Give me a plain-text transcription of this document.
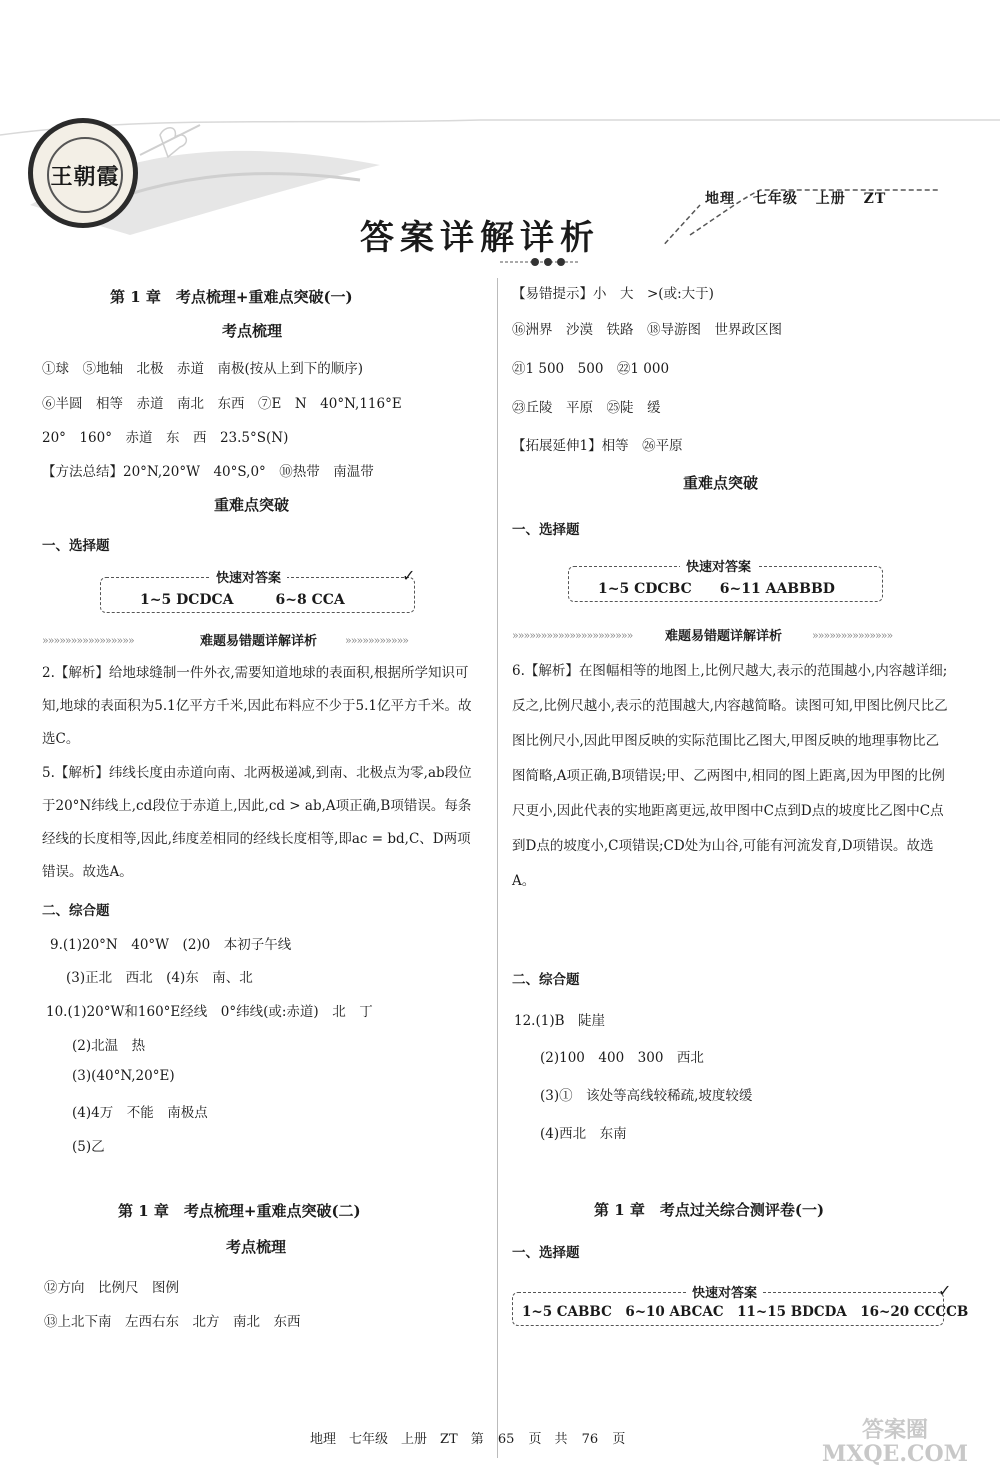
王朝霞
答案详解详析
地理 七年级 上册 ZT
第 1 章　考点梳理+重难点突破(一)
考点梳理
①球　⑤地轴　北极　赤道　南极(按从上到下的顺序)
⑥半圆　相等　赤道　南北　东西　⑦E　N　40°N,116°E
20°　160°　赤道　东　西　23.5°S(N)
【方法总结】20°N,20°W　40°S,0°　⑩热带　南温带
重难点突破
一、选择题
快速对答案
1~5 DCDCA　　　6~8 CCA
✓
»»»»»»»»»»»»»»»»	难题易错题详解详析	»»»»»»»»»»»
2.【解析】给地球缝制一件外衣,需要知道地球的表面积,根据所学知识可知,地球的表面积为5.1亿平方千米,因此布料应不少于5.1亿平方千米。故选C。
5.【解析】纬线长度由赤道向南、北两极递减,到南、北极点为零,ab段位于20°N纬线上,cd段位于赤道上,因此,cd > ab,A项正确,B项错误。每条经线的长度相等,因此,纬度差相同的经线长度相等,即ac = bd,C、D两项错误。故选A。
二、综合题
9.(1)20°N　40°W　(2)0　本初子午线
(3)正北　西北　(4)东　南、北
10.(1)20°W和160°E经线　0°纬线(或:赤道)　北　丁
(2)北温　热
(3)(40°N,20°E)
(4)4万　不能　南极点
(5)乙
第 1 章　考点梳理+重难点突破(二)
考点梳理
⑫方向　比例尺　图例
⑬上北下南　左西右东　北方　南北　东西
【易错提示】小　大　>(或:大于)
⑯洲界　沙漠　铁路　⑱导游图　世界政区图
㉑1 500　500　㉒1 000
㉓丘陵　平原　㉕陡　缓
【拓展延伸1】相等　㉖平原
重难点突破
一、选择题
快速对答案
1~5 CDCBC　　6~11 AABBBD
»»»»»»»»»»»»»»»»»»»»»	难题易错题详解详析	»»»»»»»»»»»»»»
6.【解析】在图幅相等的地图上,比例尺越大,表示的范围越小,内容越详细;反之,比例尺越小,表示的范围越大,内容越简略。读图可知,甲图比例尺比乙图比例尺小,因此甲图反映的实际范围比乙图大,甲图反映的地理事物比乙图简略,A项正确,B项错误;甲、乙两图中,相同的图上距离,因为甲图的比例尺更小,因此代表的实地距离更远,故甲图中C点到D点的坡度比乙图中C点到D点的坡度小,C项错误;CD处为山谷,可能有河流发育,D项错误。故选A。
二、综合题
12.(1)B　陡崖
(2)100　400　300　西北
(3)①　该处等高线较稀疏,坡度较缓
(4)西北　东南
第 1 章　考点过关综合测评卷(一)
一、选择题
快速对答案
1~5 CABBC　6~10 ABCAC　11~15 BDCDA　16~20 CCCCB
✓
地理　七年级　上册　ZT　第 65 页　共 76 页	答案圈 MXQE.COM
